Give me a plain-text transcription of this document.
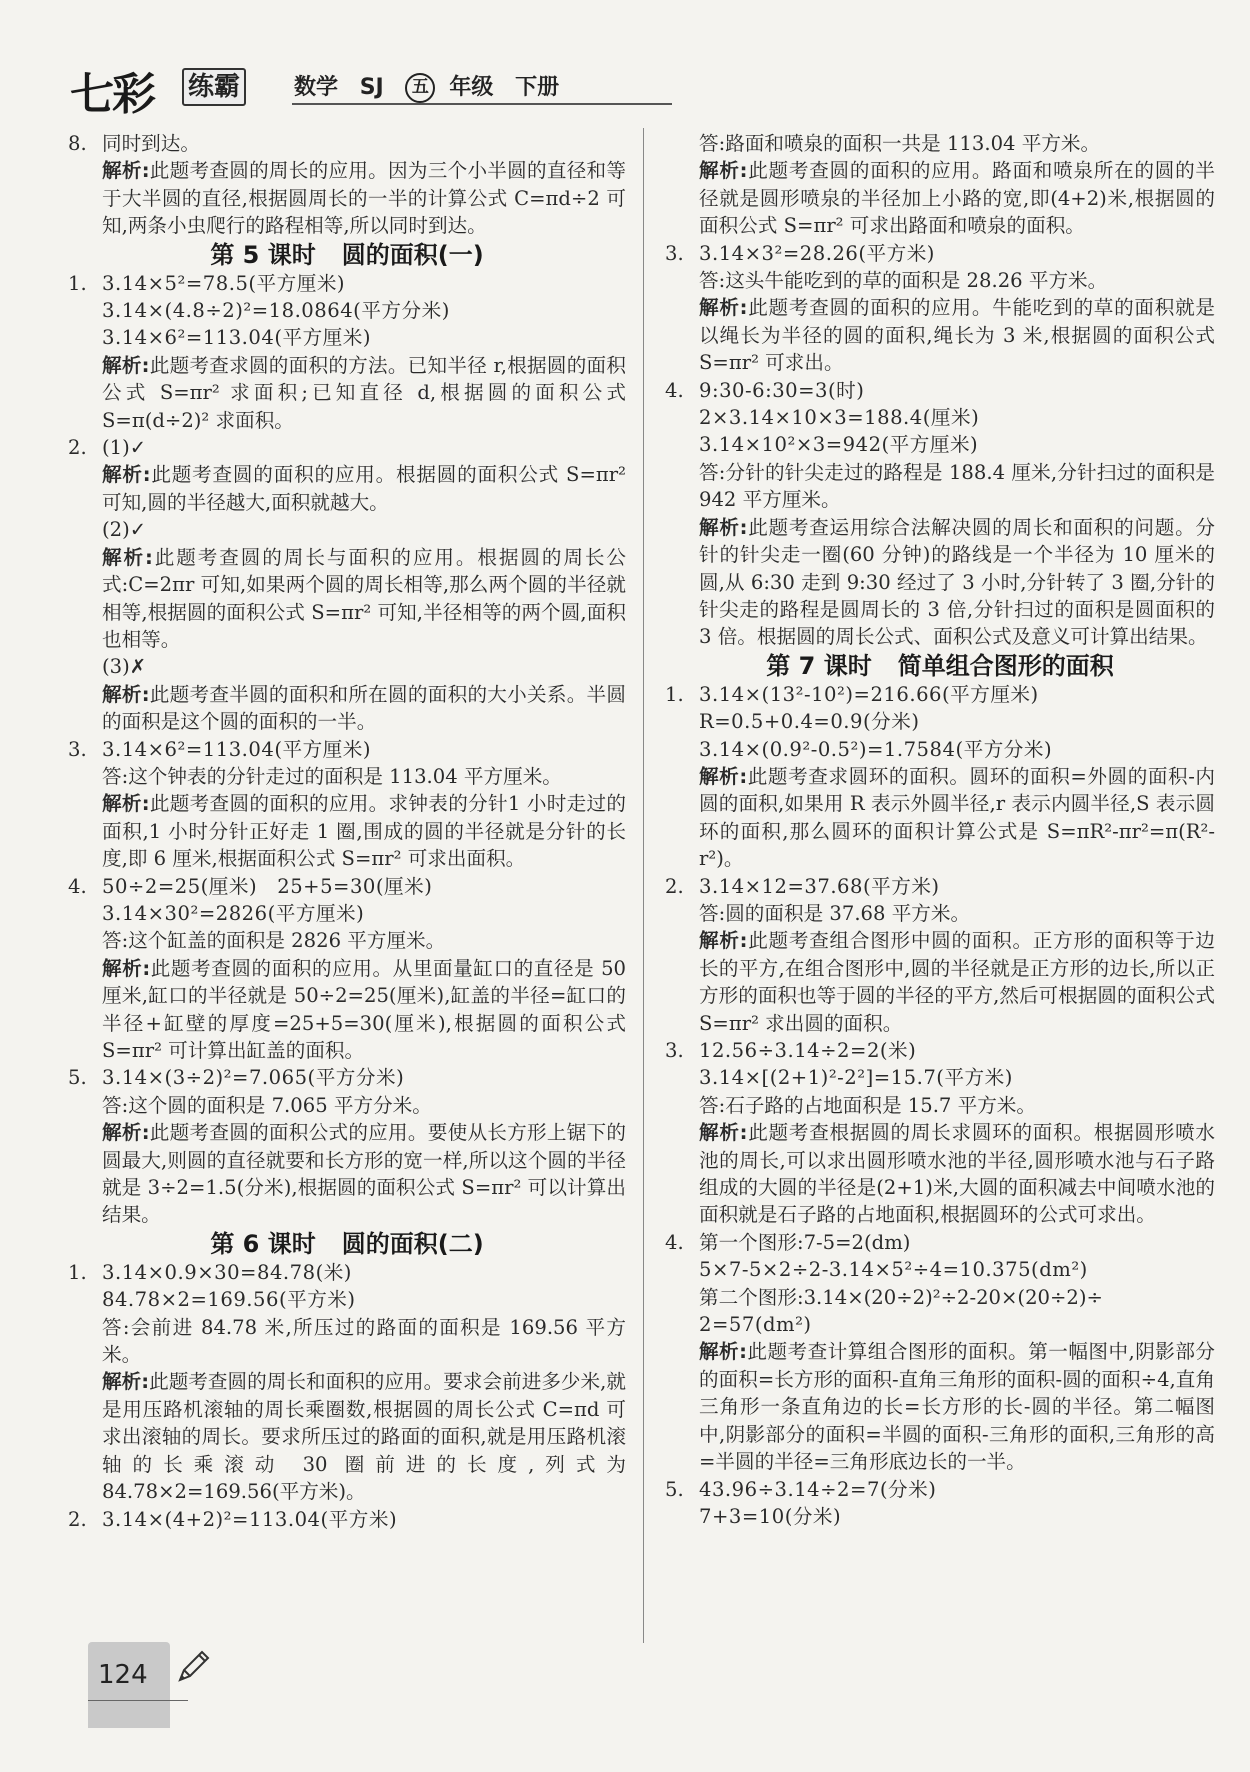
七彩 练霸 数学 SJ 五 年级 下册
8. 同时到达。
解析:此题考查圆的周长的应用。因为三个小半圆的直径和等于大半圆的直径,根据圆周长的一半的计算公式 C=πd÷2 可知,两条小虫爬行的路程相等,所以同时到达。
第 5 课时 圆的面积(一)
1. 3.14×5²=78.5(平方厘米)
3.14×(4.8÷2)²=18.0864(平方分米)
3.14×6²=113.04(平方厘米)
解析:此题考查求圆的面积的方法。已知半径 r,根据圆的面积公式 S=πr² 求面积;已知直径 d,根据圆的面积公式 S=π(d÷2)² 求面积。
2. (1)✓
解析:此题考查圆的面积的应用。根据圆的面积公式 S=πr² 可知,圆的半径越大,面积就越大。
(2)✓
解析:此题考查圆的周长与面积的应用。根据圆的周长公式:C=2πr 可知,如果两个圆的周长相等,那么两个圆的半径就相等,根据圆的面积公式 S=πr² 可知,半径相等的两个圆,面积也相等。
(3)✗
解析:此题考查半圆的面积和所在圆的面积的大小关系。半圆的面积是这个圆的面积的一半。
3. 3.14×6²=113.04(平方厘米)
答:这个钟表的分针走过的面积是 113.04 平方厘米。
解析:此题考查圆的面积的应用。求钟表的分针1 小时走过的面积,1 小时分针正好走 1 圈,围成的圆的半径就是分针的长度,即 6 厘米,根据面积公式 S=πr² 可求出面积。
4. 50÷2=25(厘米)　25+5=30(厘米)
3.14×30²=2826(平方厘米)
答:这个缸盖的面积是 2826 平方厘米。
解析:此题考查圆的面积的应用。从里面量缸口的直径是 50 厘米,缸口的半径就是 50÷2=25(厘米),缸盖的半径=缸口的半径+缸壁的厚度=25+5=30(厘米),根据圆的面积公式 S=πr² 可计算出缸盖的面积。
5. 3.14×(3÷2)²=7.065(平方分米)
答:这个圆的面积是 7.065 平方分米。
解析:此题考查圆的面积公式的应用。要使从长方形上锯下的圆最大,则圆的直径就要和长方形的宽一样,所以这个圆的半径就是 3÷2=1.5(分米),根据圆的面积公式 S=πr² 可以计算出结果。
第 6 课时 圆的面积(二)
1. 3.14×0.9×30=84.78(米)
84.78×2=169.56(平方米)
答:会前进 84.78 米,所压过的路面的面积是 169.56 平方米。
解析:此题考查圆的周长和面积的应用。要求会前进多少米,就是用压路机滚轴的周长乘圈数,根据圆的周长公式 C=πd 可求出滚轴的周长。要求所压过的路面的面积,就是用压路机滚轴的长乘滚动 30 圈前进的长度,列式为 84.78×2=169.56(平方米)。
2. 3.14×(4+2)²=113.04(平方米)
答:路面和喷泉的面积一共是 113.04 平方米。
解析:此题考查圆的面积的应用。路面和喷泉所在的圆的半径就是圆形喷泉的半径加上小路的宽,即(4+2)米,根据圆的面积公式 S=πr² 可求出路面和喷泉的面积。
3. 3.14×3²=28.26(平方米)
答:这头牛能吃到的草的面积是 28.26 平方米。
解析:此题考查圆的面积的应用。牛能吃到的草的面积就是以绳长为半径的圆的面积,绳长为 3 米,根据圆的面积公式 S=πr² 可求出。
4. 9:30-6:30=3(时)
2×3.14×10×3=188.4(厘米)
3.14×10²×3=942(平方厘米)
答:分针的针尖走过的路程是 188.4 厘米,分针扫过的面积是 942 平方厘米。
解析:此题考查运用综合法解决圆的周长和面积的问题。分针的针尖走一圈(60 分钟)的路线是一个半径为 10 厘米的圆,从 6:30 走到 9:30 经过了 3 小时,分针转了 3 圈,分针的针尖走的路程是圆周长的 3 倍,分针扫过的面积是圆面积的 3 倍。根据圆的周长公式、面积公式及意义可计算出结果。
第 7 课时 简单组合图形的面积
1. 3.14×(13²-10²)=216.66(平方厘米)
R=0.5+0.4=0.9(分米)
3.14×(0.9²-0.5²)=1.7584(平方分米)
解析:此题考查求圆环的面积。圆环的面积=外圆的面积-内圆的面积,如果用 R 表示外圆半径,r 表示内圆半径,S 表示圆环的面积,那么圆环的面积计算公式是 S=πR²-πr²=π(R²- r²)。
2. 3.14×12=37.68(平方米)
答:圆的面积是 37.68 平方米。
解析:此题考查组合图形中圆的面积。正方形的面积等于边长的平方,在组合图形中,圆的半径就是正方形的边长,所以正方形的面积也等于圆的半径的平方,然后可根据圆的面积公式 S=πr² 求出圆的面积。
3. 12.56÷3.14÷2=2(米)
3.14×[(2+1)²-2²]=15.7(平方米)
答:石子路的占地面积是 15.7 平方米。
解析:此题考查根据圆的周长求圆环的面积。根据圆形喷水池的周长,可以求出圆形喷水池的半径,圆形喷水池与石子路组成的大圆的半径是(2+1)米,大圆的面积减去中间喷水池的面积就是石子路的占地面积,根据圆环的公式可求出。
4. 第一个图形:7-5=2(dm)
5×7-5×2÷2-3.14×5²÷4=10.375(dm²)
第二个图形:3.14×(20÷2)²÷2-20×(20÷2)÷
2=57(dm²)
解析:此题考查计算组合图形的面积。第一幅图中,阴影部分的面积=长方形的面积-直角三角形的面积-圆的面积÷4,直角三角形一条直角边的长=长方形的长-圆的半径。第二幅图中,阴影部分的面积=半圆的面积-三角形的面积,三角形的高=半圆的半径=三角形底边长的一半。
5. 43.96÷3.14÷2=7(分米)
7+3=10(分米)
124
